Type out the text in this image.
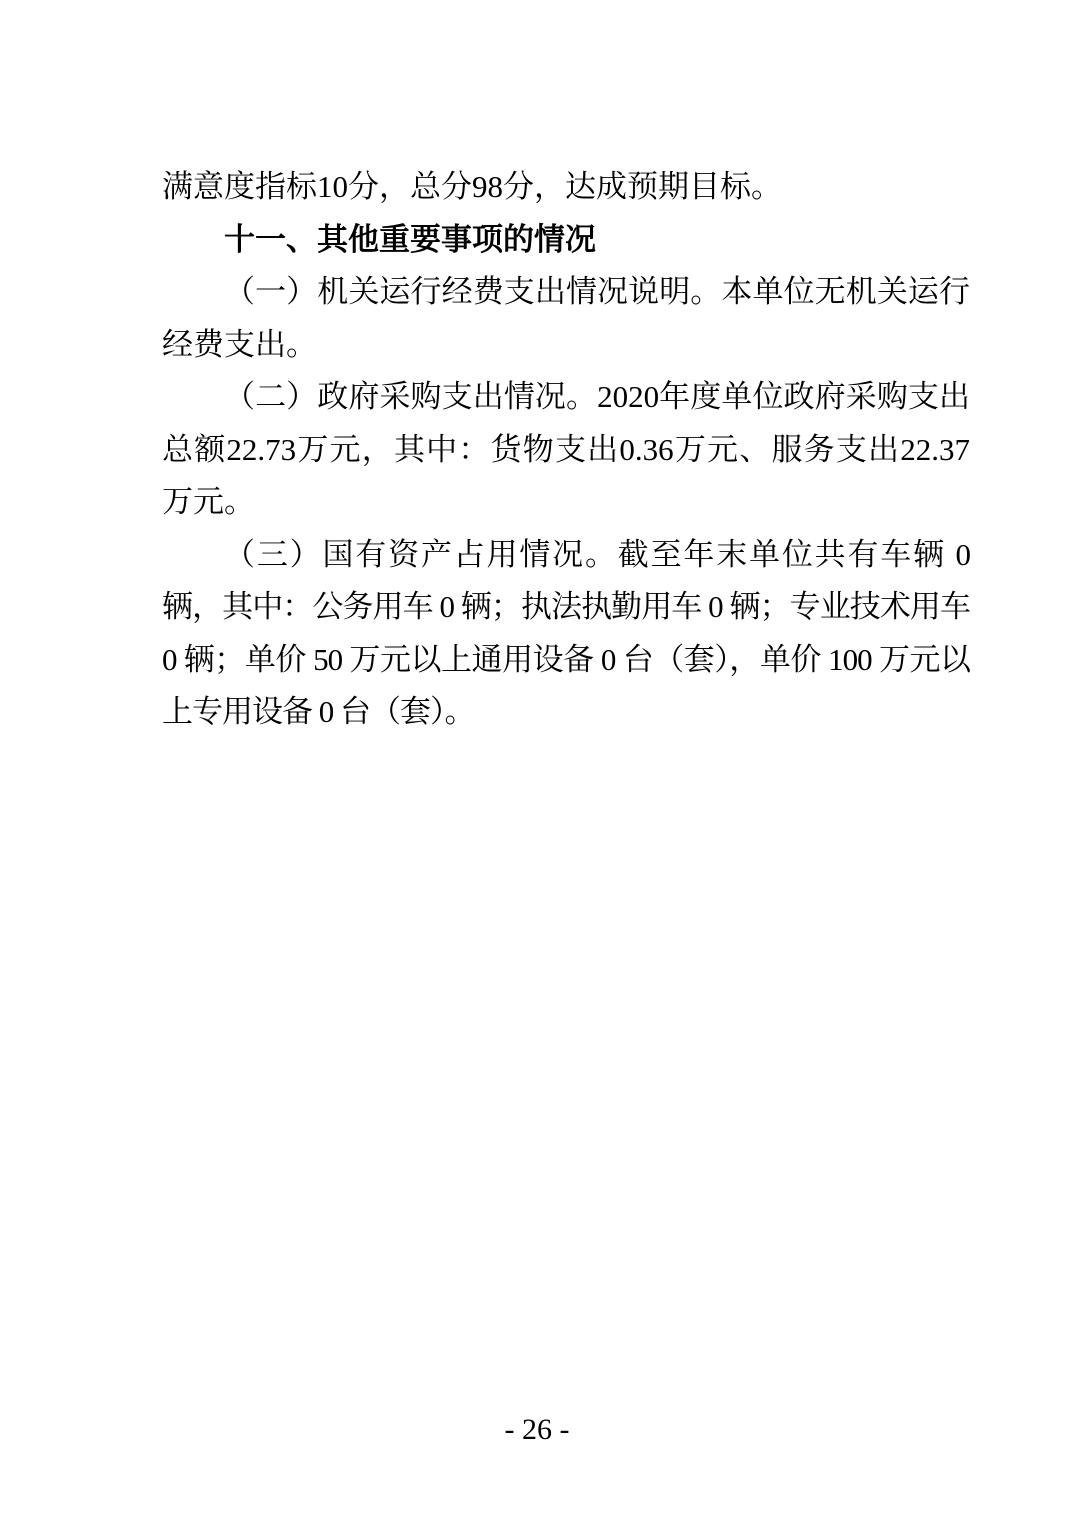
满意度指标10分，总分98分，达成预期目标。

十一、其他重要事项的情况

（一）机关运行经费支出情况说明。本单位无机关运行经费支出。

（二）政府采购支出情况。2020年度单位政府采购支出总额22.73万元，其中：货物支出0.36万元、服务支出22.37万元。

（三）国有资产占用情况。截至年末单位共有车辆 0 辆，其中：公务用车 0 辆；执法执勤用车 0 辆；专业技术用车 0 辆；单价 50 万元以上通用设备 0 台（套），单价 100 万元以上专用设备 0 台（套）。

- 26 -
